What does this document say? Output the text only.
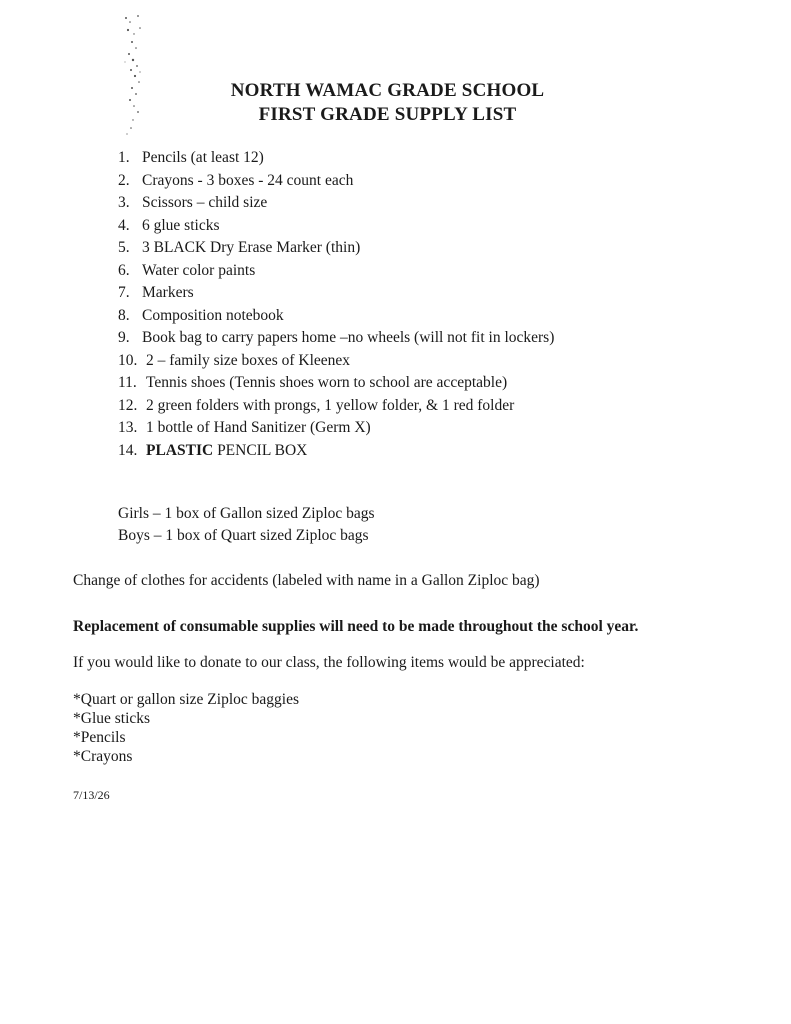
NORTH WAMAC GRADE SCHOOL
FIRST GRADE SUPPLY LIST
1. Pencils (at least 12)
2. Crayons - 3 boxes - 24 count each
3. Scissors – child size
4. 6 glue sticks
5. 3 BLACK Dry Erase Marker (thin)
6. Water color paints
7. Markers
8. Composition notebook
9. Book bag to carry papers home –no wheels (will not fit in lockers)
10. 2 – family size boxes of Kleenex
11. Tennis shoes (Tennis shoes worn to school are acceptable)
12. 2 green folders with prongs, 1 yellow folder, & 1 red folder
13. 1 bottle of Hand Sanitizer (Germ X)
14. PLASTIC PENCIL BOX
Girls – 1 box of Gallon sized Ziploc bags
Boys – 1 box of Quart sized Ziploc bags
Change of clothes for accidents (labeled with name in a Gallon Ziploc bag)
Replacement of consumable supplies will need to be made throughout the school year.
If you would like to donate to our class, the following items would be appreciated:
*Quart or gallon size Ziploc baggies
*Glue sticks
*Pencils
*Crayons
7/13/26
